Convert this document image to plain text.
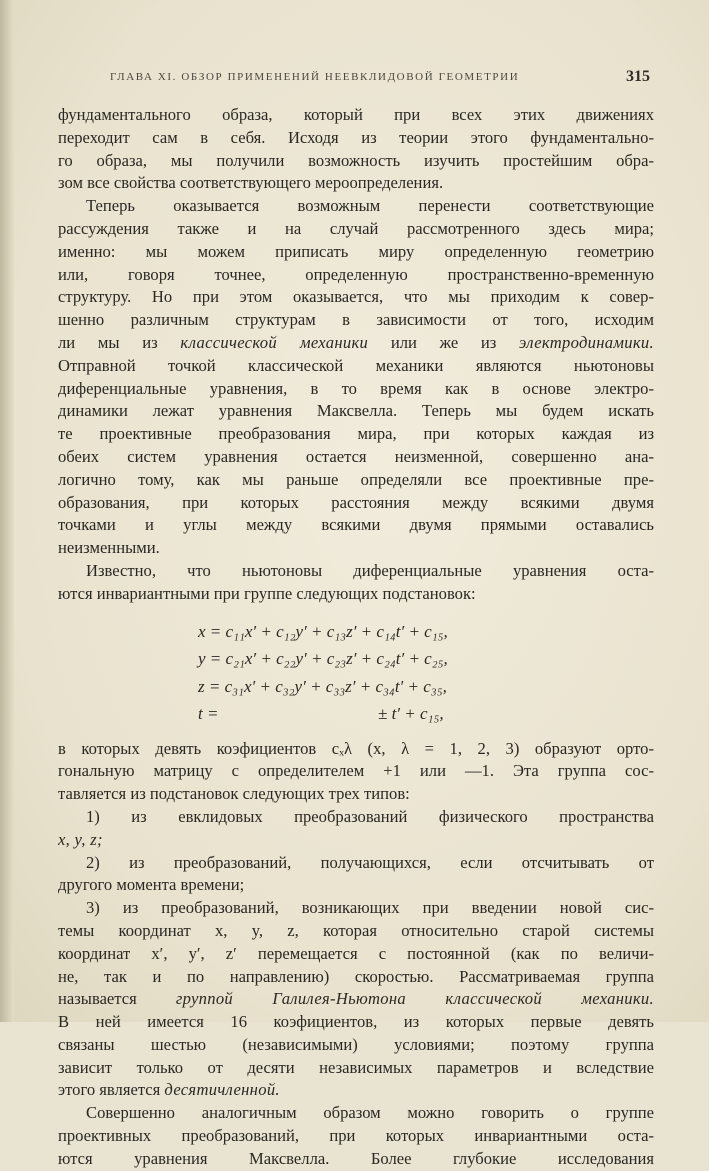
ГЛАВА XI. ОБЗОР ПРИМЕНЕНИЙ НЕЕВКЛИДОВОЙ ГЕОМЕТРИИ	315
фундаментального образа, который при всех этих движениях
переходит сам в себя. Исходя из теории этого фундаментально-
го образа, мы получили возможность изучить простейшим обра-
зом все свойства соответствующего мероопределения.
Теперь оказывается возможным перенести соответствующие
рассуждения также и на случай рассмотренного здесь мира;
именно: мы можем приписать миру определенную геометрию
или, говоря точнее, определенную пространственно-временную
структуру. Но при этом оказывается, что мы приходим к совер-
шенно различным структурам в зависимости от того, исходим
ли мы из классической механики или же из электродинамики.
Отправной точкой классической механики являются ньютоновы
диференциальные уравнения, в то время как в основе электро-
динамики лежат уравнения Максвелла. Теперь мы будем искать
те проективные преобразования мира, при которых каждая из
обеих систем уравнения остается неизменной, совершенно ана-
логично тому, как мы раньше определяли все проективные пре-
образования, при которых расстояния между всякими двумя
точками и углы между всякими двумя прямыми оставались
неизменными.
Известно, что ньютоновы диференциальные уравнения оста-
ются инвариантными при группе следующих подстановок:
x = c₁₁x′ + c₁₂y′ + c₁₃z′ + c₁₄t′ + c₁₅,
y = c₂₁x′ + c₂₂y′ + c₂₃z′ + c₂₄t′ + c₂₅,
z = c₃₁x′ + c₃₂y′ + c₃₃z′ + c₃₄t′ + c₃₅,
t =	± t′ + c₁₅,
в которых девять коэфициентов cₓλ (x, λ = 1, 2, 3) образуют орто-
гональную матрицу с определителем +1 или —1. Эта группа сос-
тавляется из подстановок следующих трех типов:
1) из евклидовых преобразований физического пространства
x, y, z;
2) из преобразований, получающихся, если отсчитывать от
другого момента времени;
3) из преобразований, возникающих при введении новой сис-
темы координат x, y, z, которая относительно старой системы
координат x′, y′, z′ перемещается с постоянной (как по величи-
не, так и по направлению) скоростью. Рассматриваемая группа
называется группой Галилея-Ньютона классической механики.
В ней имеется 16 коэфициентов, из которых первые девять
связаны шестью (независимыми) условиями; поэтому группа
зависит только от десяти независимых параметров и вследствие
этого является десятичленной.
Совершенно аналогичным образом можно говорить о группе
проективных преобразований, при которых инвариантными оста-
ются уравнения Максвелла. Более глубокие исследования
